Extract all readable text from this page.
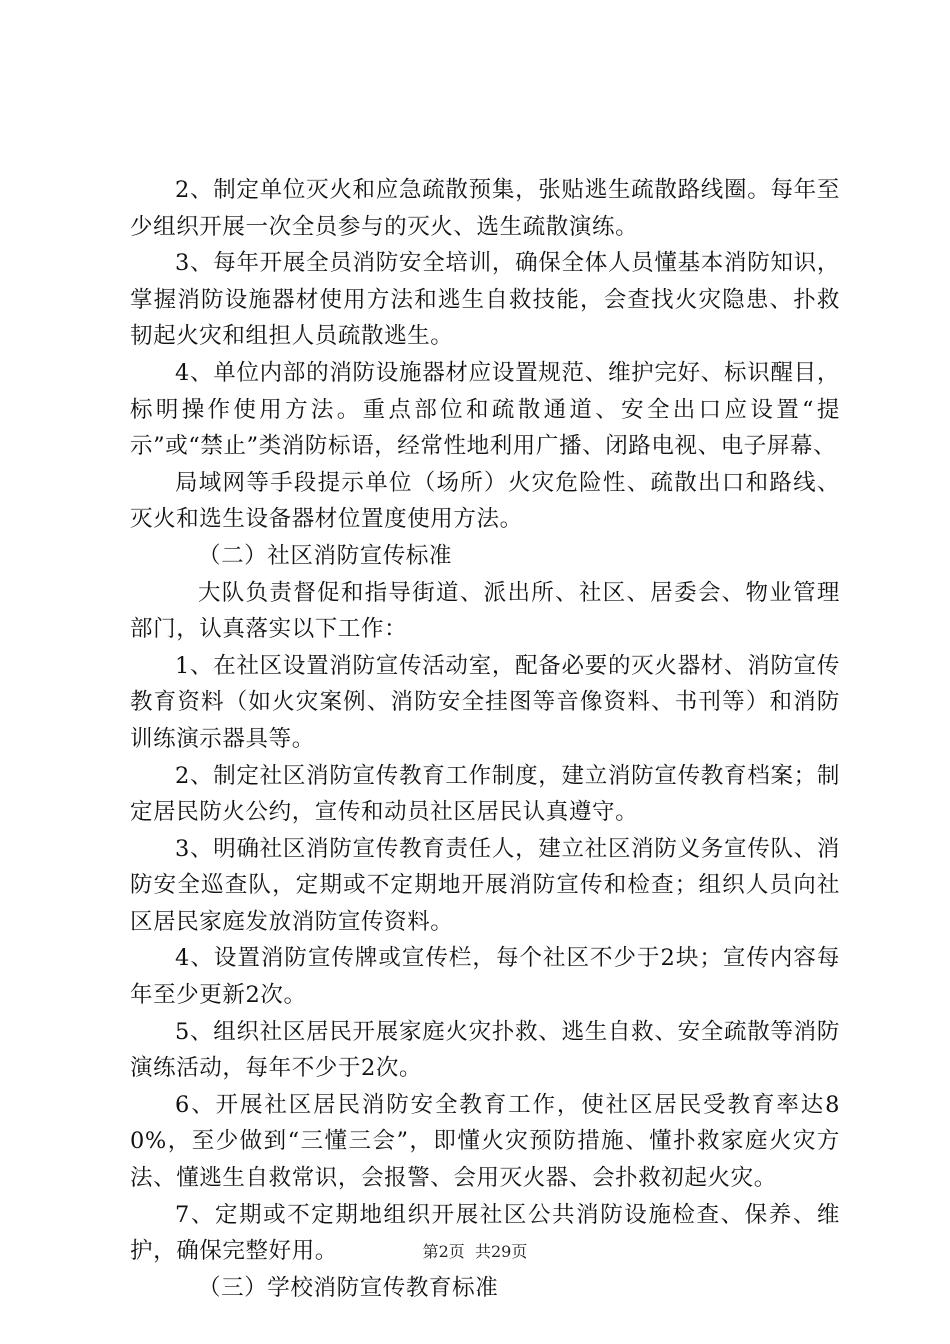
2、制定单位灭火和应急疏散预集，张贴逃生疏散路线圈。每年至少组织开展一次全员参与的灭火、选生疏散演练。

3、每年开展全员消防安全培训，确保全体人员懂基本消防知识，掌握消防设施器材使用方法和逃生自救技能，会查找火灾隐患、扑救韧起火灾和组担人员疏散逃生。

4、单位内部的消防设施器材应设置规范、维护完好、标识醒目，标明操作使用方法。重点部位和疏散通道、安全出口应设置“提示”或“禁止”类消防标语，经常性地利用广播、闭路电视、电子屏幕、

局域网等手段提示单位（场所）火灾危险性、疏散出口和路线、灭火和选生设备器材位置度使用方法。

（二）社区消防宣传标准

大队负责督促和指导街道、派出所、社区、居委会、物业管理部门，认真落实以下工作：

1、在社区设置消防宣传活动室，配备必要的灭火器材、消防宣传教育资料（如火灾案例、消防安全挂图等音像资料、书刊等）和消防训练演示器具等。

2、制定社区消防宣传教育工作制度，建立消防宣传教育档案；制定居民防火公约，宣传和动员社区居民认真遵守。

3、明确社区消防宣传教育责任人，建立社区消防义务宣传队、消防安全巡查队，定期或不定期地开展消防宣传和检查；组织人员向社区居民家庭发放消防宣传资料。

4、设置消防宣传牌或宣传栏，每个社区不少于2块；宣传内容每年至少更新2次。

5、组织社区居民开展家庭火灾扑救、逃生自救、安全疏散等消防演练活动，每年不少于2次。

6、开展社区居民消防安全教育工作，使社区居民受教育率达80%，至少做到“三懂三会”，即懂火灾预防措施、懂扑救家庭火灾方法、懂逃生自救常识，会报警、会用灭火器、会扑救初起火灾。

7、定期或不定期地组织开展社区公共消防设施检查、保养、维护，确保完整好用。

（三）学校消防宣传教育标准

第2页 共29页
